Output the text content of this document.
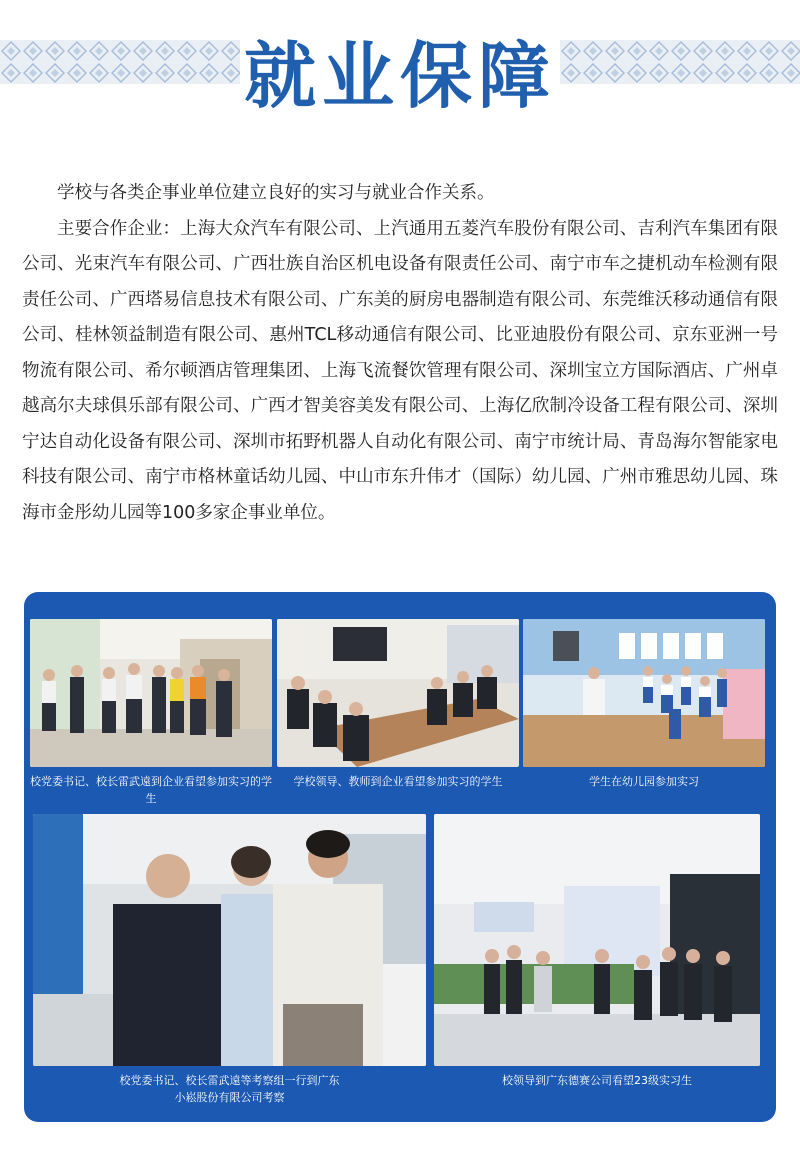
就业保障

学校与各类企事业单位建立良好的实习与就业合作关系。

主要合作企业：上海大众汽车有限公司、上汽通用五菱汽车股份有限公司、吉利汽车集团有限公司、光束汽车有限公司、广西壮族自治区机电设备有限责任公司、南宁市车之捷机动车检测有限责任公司、广西塔易信息技术有限公司、广东美的厨房电器制造有限公司、东莞维沃移动通信有限公司、桂林领益制造有限公司、惠州TCL移动通信有限公司、比亚迪股份有限公司、京东亚洲一号物流有限公司、希尔顿酒店管理集团、上海飞流餐饮管理有限公司、深圳宝立方国际酒店、广州卓越高尔夫球俱乐部有限公司、广西才智美容美发有限公司、上海亿欣制冷设备工程有限公司、深圳宁达自动化设备有限公司、深圳市拓野机器人自动化有限公司、南宁市统计局、青岛海尔智能家电科技有限公司、南宁市格林童话幼儿园、中山市东升伟才（国际）幼儿园、广州市雅思幼儿园、珠海市金彤幼儿园等100多家企事业单位。

校党委书记、校长雷武遠到企业看望参加实习的学生
学校领导、教师到企业看望参加实习的学生	学生在幼儿园参加实习
校党委书记、校长雷武遠等考察组一行到广东
小崧股份有限公司考察
校领导到广东德赛公司看望23级实习生
